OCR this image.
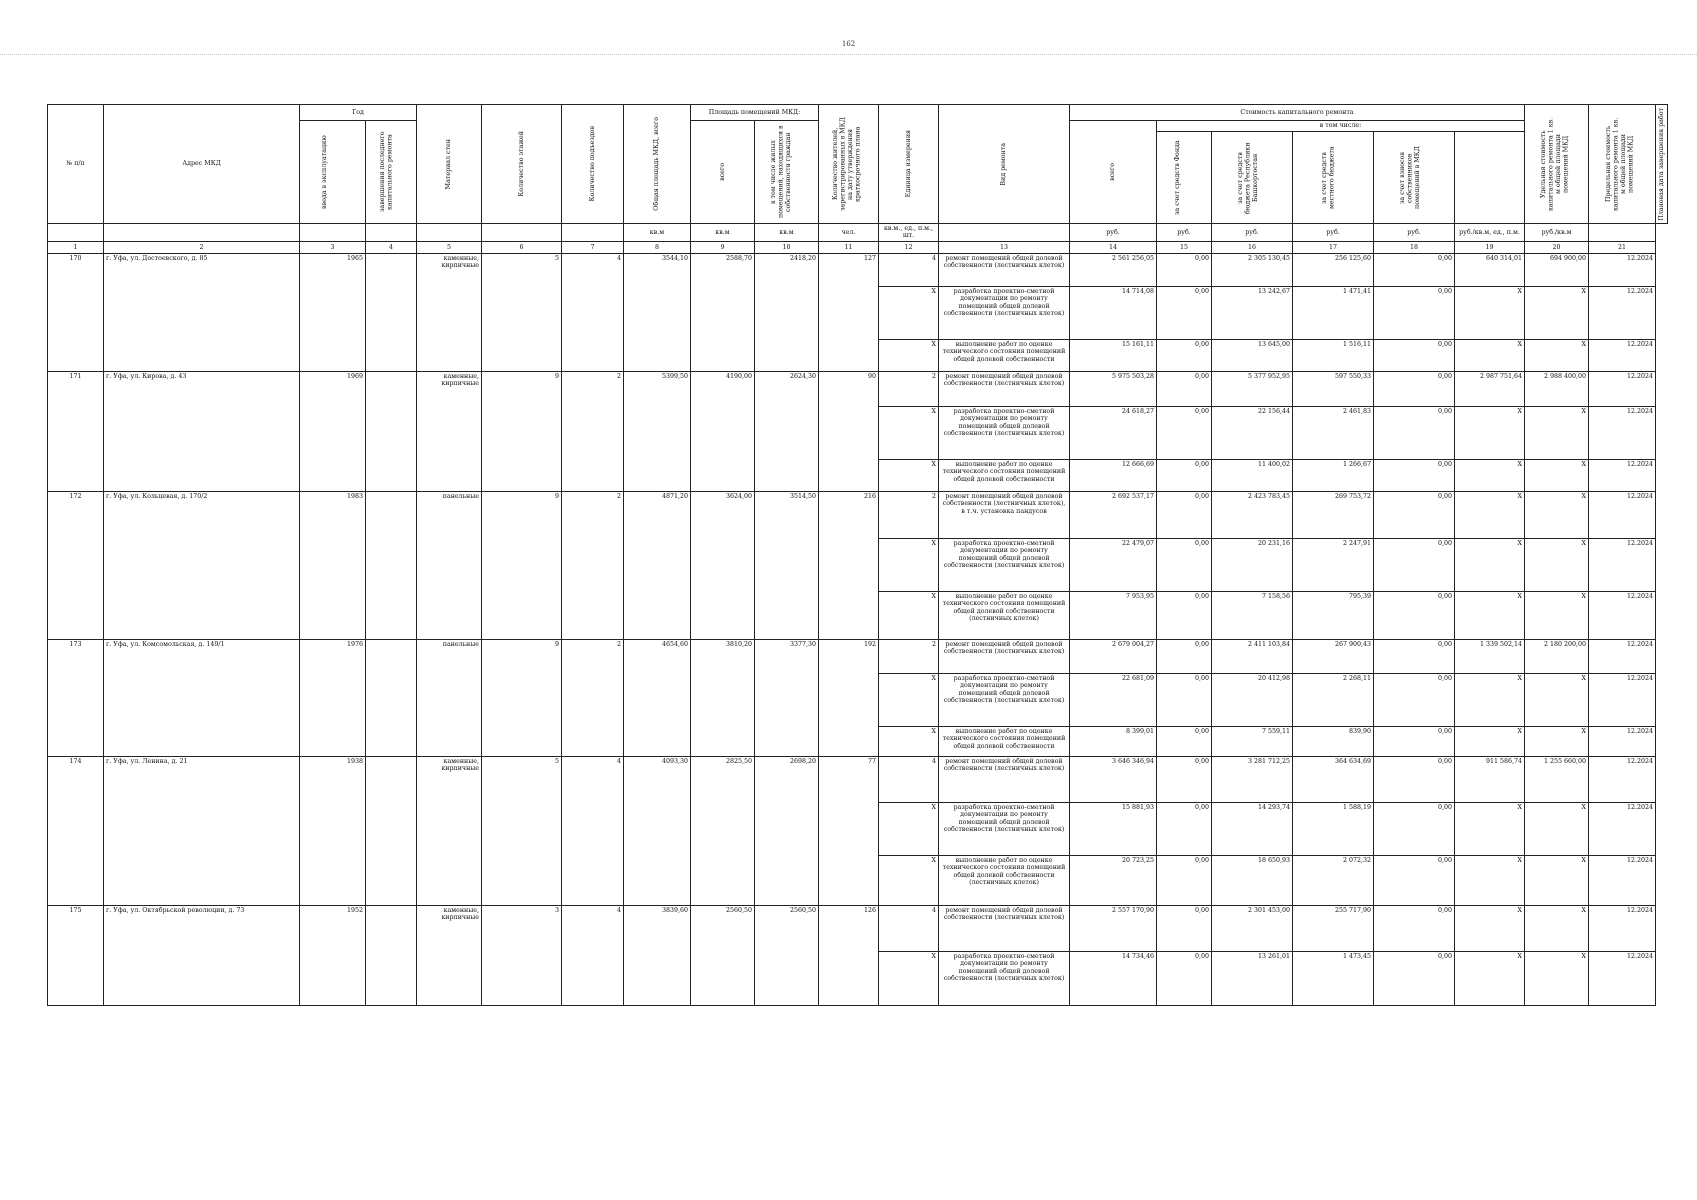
162
№ п/п	Адрес МКД	Год		Материал стен	Количество этажей	Количество подъездов	Общая площадь МКД, всего	Площадь помещений МКД:		Количество жителей, зарегистрированных в МКД на дату утверждения краткосрочного плана	Единица измерения	Вид ремонта	Стоимость капитального ремонта						Удельная стоимость капитального ремонта 1 кв. м общей площади помещений МКД	Предельная стоимость капитального ремонта 1 кв. м общей площади помещений МКД	Плановая дата завершения работ

		ввода в эксплуатацию	завершения последнего капитального ремонта					всего	в том числе жилых помещений, находящихся в собственности граждан				всего	в том числе:							

														за счет средств Фонда	за счет средств бюджета Республики Башкортостан	за счет средств местного бюджета	за счет взносов собственников помещений в МКД				

							кв.м	кв.м	кв.м	чел.	кв.м., ед., п.м., шт.		руб.	руб.	руб.	руб.	руб.	руб./кв.м, ед., п.м.	руб./кв.м		
1	2	3	4	5	6	7	8	9	10	11	12	13	14	15	16	17	18	19	20	21	
170	г. Уфа, ул. Достоевского, д. 85	1965		каменные, кирпичные	5	4	3544,10	2588,70	2418,20	127	4	ремонт помещений общей долевой собственности (лестничных клеток)	2 561 256,05	0,00	2 305 130,45	256 125,60	0,00	640 314,01	694 900,00	12.2024	
											X	разработка проектно-сметной документации по ремонту помещений общей долевой собственности (лестничных клеток)	14 714,08	0,00	13 242,67	1 471,41	0,00	X	X	12.2024	
											X	выполнение работ по оценке технического состояния помещений общей долевой собственности	15 161,11	0,00	13 645,00	1 516,11	0,00	X	X	12.2024	
171	г. Уфа, ул. Кирова, д. 43	1969		каменные, кирпичные	9	2	5399,50	4190,00	2624,30	90	2	ремонт помещений общей долевой собственности (лестничных клеток)	5 975 503,28	0,00	5 377 952,95	597 550,33	0,00	2 987 751,64	2 988 400,00	12.2024	
											X	разработка проектно-сметной документации по ремонту помещений общей долевой собственности (лестничных клеток)	24 618,27	0,00	22 156,44	2 461,83	0,00	X	X	12.2024	
											X	выполнение работ по оценке технического состояния помещений общей долевой собственности	12 666,69	0,00	11 400,02	1 266,67	0,00	X	X	12.2024	
172	г. Уфа, ул. Кольцевая, д. 170/2	1983		панельные	9	2	4871,20	3624,00	3514,50	216	2	ремонт помещений общей долевой собственности (лестничных клеток), в т.ч. установка пандусов	2 692 537,17	0,00	2 423 783,45	269 753,72	0,00	X	X	12.2024	
											X	разработка проектно-сметной документации по ремонту помещений общей долевой собственности (лестничных клеток)	22 479,07	0,00	20 231,16	2 247,91	0,00	X	X	12.2024	
											X	выполнение работ по оценке технического состояния помещений общей долевой собственности (лестничных клеток)	7 953,95	0,00	7 158,56	795,39	0,00	X	X	12.2024	
173	г. Уфа, ул. Комсомольская, д. 149/1	1976		панельные	9	2	4654,60	3810,20	3377,30	192	2	ремонт помещений общей долевой собственности (лестничных клеток)	2 679 004,27	0,00	2 411 103,84	267 900,43	0,00	1 339 502,14	2 180 200,00	12.2024	
											X	разработка проектно-сметной документации по ремонту помещений общей долевой собственности (лестничных клеток)	22 681,09	0,00	20 412,98	2 268,11	0,00	X	X	12.2024	
											X	выполнение работ по оценке технического состояния помещений общей долевой собственности	8 399,01	0,00	7 559,11	839,90	0,00	X	X	12.2024	
174	г. Уфа, ул. Ленина, д. 21	1938		каменные, кирпичные	5	4	4093,30	2825,50	2698,20	77	4	ремонт помещений общей долевой собственности (лестничных клеток)	3 646 346,94	0,00	3 281 712,25	364 634,69	0,00	911 586,74	1 255 660,00	12.2024	
											X	разработка проектно-сметной документации по ремонту помещений общей долевой собственности (лестничных клеток)	15 881,93	0,00	14 293,74	1 588,19	0,00	X	X	12.2024	
											X	выполнение работ по оценке технического состояния помещений общей долевой собственности (лестничных клеток)	20 723,25	0,00	18 650,93	2 072,32	0,00	X	X	12.2024	
175	г. Уфа, ул. Октябрьской революции, д. 73	1952		каменные, кирпичные	3	4	3839,60	2560,50	2560,50	126	4	ремонт помещений общей долевой собственности (лестничных клеток)	2 557 170,90	0,00	2 301 453,00	255 717,90	0,00	X	X	12.2024	
											X	разработка проектно-сметной документации по ремонту помещений общей долевой собственности (лестничных клеток)	14 734,46	0,00	13 261,01	1 473,45	0,00	X	X	12.2024	
